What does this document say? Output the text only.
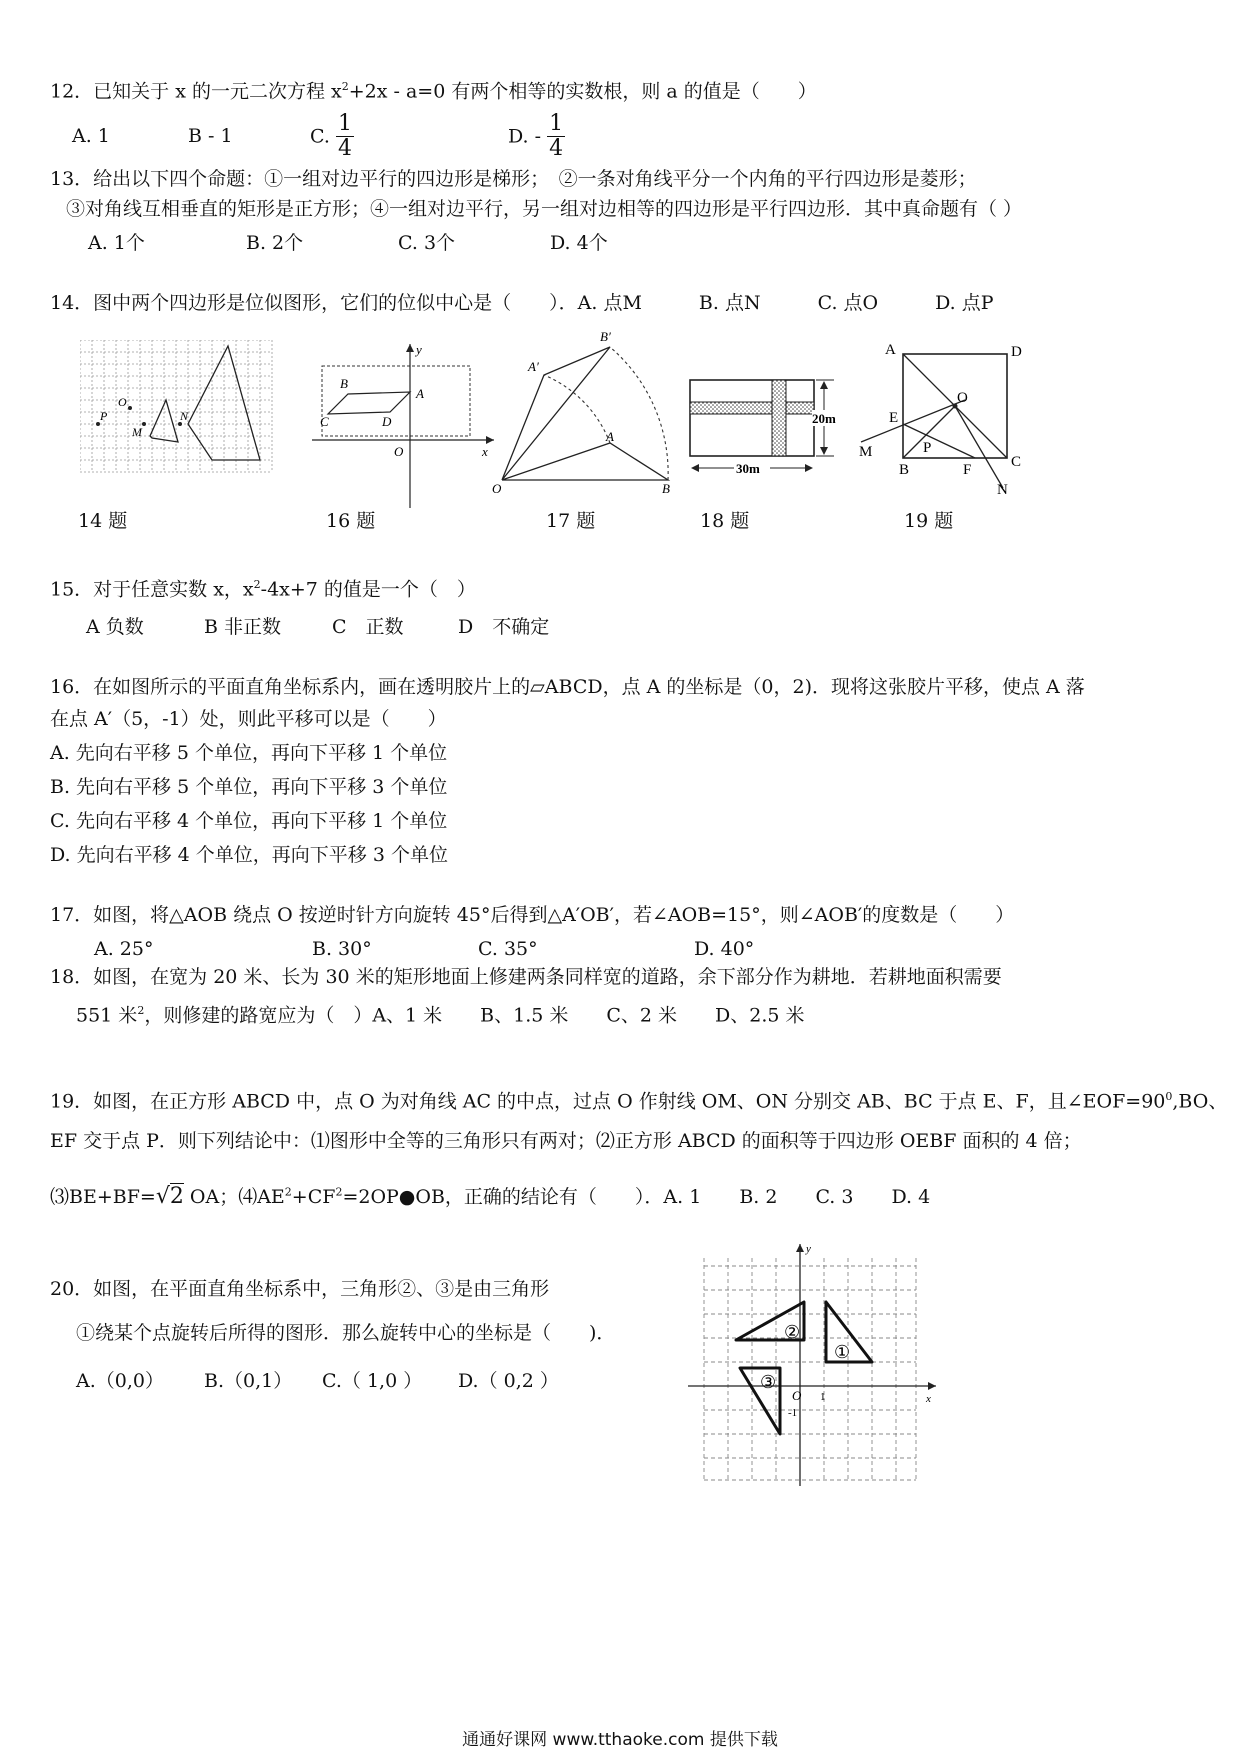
12．已知关于 x 的一元二次方程 $x^2+2x - a=0$ 有两个相等的实数根，则 a 的值是（　　）
A. 1	B - 1	C. $\frac{1}{4}$	D. - $\frac{1}{4}$
13．给出以下四个命题：①一组对边平行的四边形是梯形；　②一条对角线平分一个内角的平行四边形是菱形；
③对角线互相垂直的矩形是正方形；④一组对边平行，另一组对边相等的四边形是平行四边形．其中真命题有（ ）
A. 1个	B. 2个	C. 3个	D. 4个
14．图中两个四边形是位似图形，它们的位似中心是（　　）．A. 点M　　　B. 点N　　　C. 点O　　　D. 点P
P
O
M
N
y
x
O
A
B
C	D
A′
B′
A
O	B
30m
20m
A	D
O
E
M	P
B	F	C
N
14 题	16 题	17 题	18 题	19 题
15．对于任意实数 x，$x^2-4x+7$ 的值是一个（　）
A 负数	B 非正数	C　正数	D　不确定
16．在如图所示的平面直角坐标系内，画在透明胶片上的▱ABCD，点 A 的坐标是（0，2)．现将这张胶片平移，使点 A 落
在点 A′（5，-1）处，则此平移可以是（　　）
A. 先向右平移 5 个单位，再向下平移 1 个单位
B. 先向右平移 5 个单位，再向下平移 3 个单位
C. 先向右平移 4 个单位，再向下平移 1 个单位
D. 先向右平移 4 个单位，再向下平移 3 个单位
17．如图，将△AOB 绕点 O 按逆时针方向旋转 45°后得到△A′OB′，若∠AOB=15°，则∠AOB′的度数是（　　）
A. 25°	B. 30°	C. 35°	D. 40°
18．如图，在宽为 20 米、长为 30 米的矩形地面上修建两条同样宽的道路，余下部分作为耕地．若耕地面积需要
551 米$^2$，则修建的路宽应为（　）A、1 米　　B、1.5 米　　C、2 米　　D、2.5 米
19．如图，在正方形 ABCD 中，点 O 为对角线 AC 的中点，过点 O 作射线 OM、ON 分别交 AB、BC 于点 E、F，且$\angle EOF=90^0,BO$、
EF 交于点 P．则下列结论中：⑴图形中全等的三角形只有两对；⑵正方形 ABCD 的面积等于四边形 OEBF 面积的 4 倍；
⑶BE+BF=√2 OA；$⑷AE^2+CF^2=2OP●OB$，正确的结论有（　　）．A. 1　　B. 2　　C. 3　　D. 4
20．如图，在平面直角坐标系中，三角形②、③是由三角形
①绕某个点旋转后所得的图形．那么旋转中心的坐标是（　　)．
A.（0,0） B.（0,1） C.（ 1,0 ） D.（ 0,2 ）
y
x
O 1
-1
①
②
③
通通好课网 www.tthaoke.com 提供下载
